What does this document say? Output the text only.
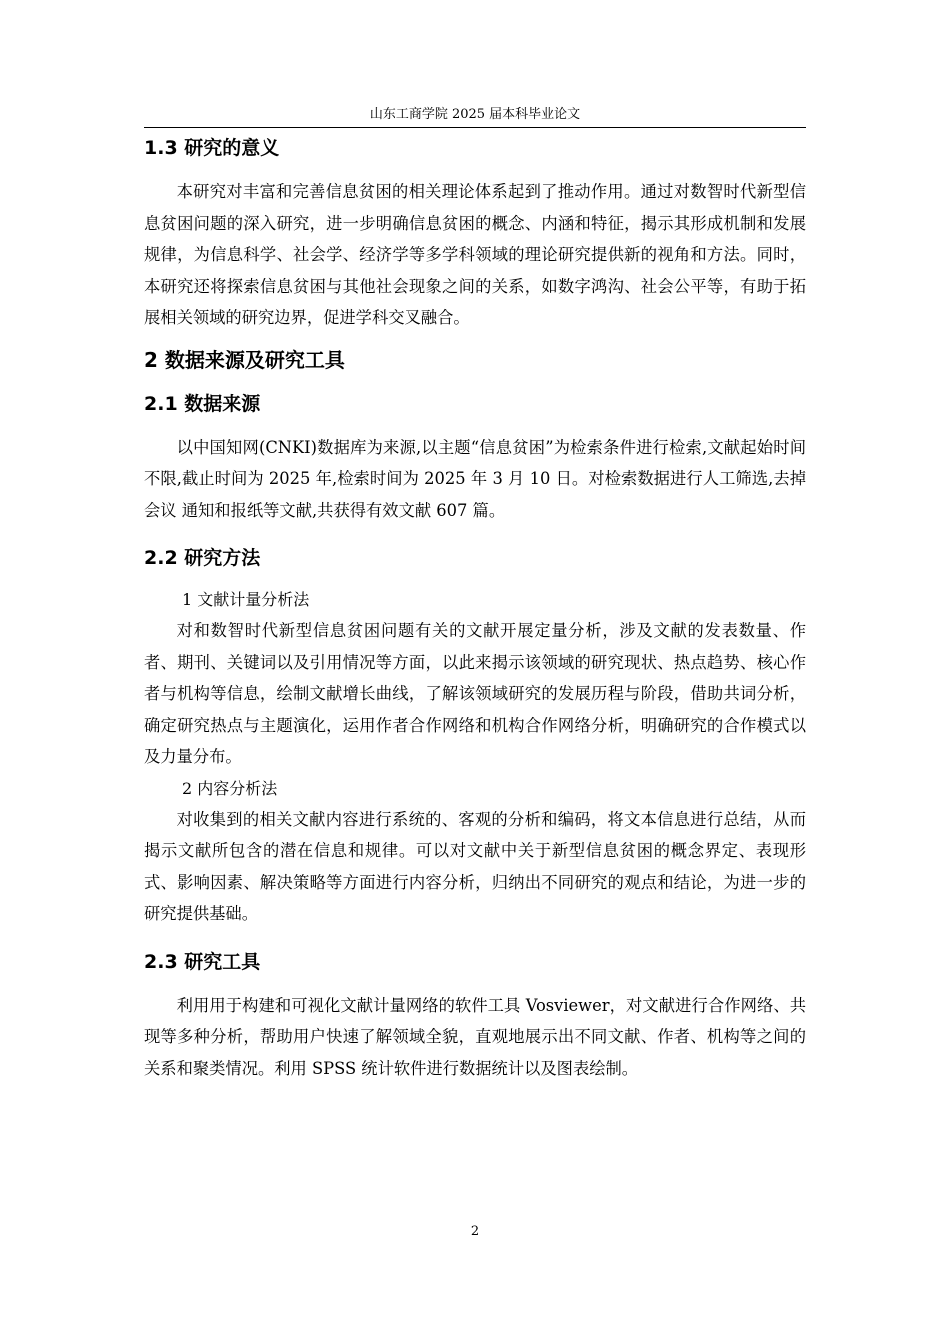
山东工商学院 2025 届本科毕业论文
1.3 研究的意义

本研究对丰富和完善信息贫困的相关理论体系起到了推动作用。通过对数智时代新型信息贫困问题的深入研究，进一步明确信息贫困的概念、内涵和特征，揭示其形成机制和发展规律，为信息科学、社会学、经济学等多学科领域的理论研究提供新的视角和方法。同时，本研究还将探索信息贫困与其他社会现象之间的关系，如数字鸿沟、社会公平等，有助于拓展相关领域的研究边界，促进学科交叉融合。

2 数据来源及研究工具
2.1 数据来源

以中国知网(CNKI)数据库为来源,以主题“信息贫困”为检索条件进行检索,文献起始时间不限,截止时间为 2025 年,检索时间为 2025 年 3 月 10 日。对检索数据进行人工筛选,去掉会议 通知和报纸等文献,共获得有效文献 607 篇。

2.2 研究方法
1 文献计量分析法

对和数智时代新型信息贫困问题有关的文献开展定量分析，涉及文献的发表数量、作者、期刊、关键词以及引用情况等方面，以此来揭示该领域的研究现状、热点趋势、核心作者与机构等信息，绘制文献增长曲线，了解该领域研究的发展历程与阶段，借助共词分析，确定研究热点与主题演化，运用作者合作网络和机构合作网络分析，明确研究的合作模式以及力量分布。

2 内容分析法

对收集到的相关文献内容进行系统的、客观的分析和编码，将文本信息进行总结，从而揭示文献所包含的潜在信息和规律。可以对文献中关于新型信息贫困的概念界定、表现形式、影响因素、解决策略等方面进行内容分析，归纳出不同研究的观点和结论，为进一步的研究提供基础。

2.3 研究工具

利用用于构建和可视化文献计量网络的软件工具 Vosviewer，对文献进行合作网络、共现等多种分析，帮助用户快速了解领域全貌，直观地展示出不同文献、作者、机构等之间的关系和聚类情况。利用 SPSS 统计软件进行数据统计以及图表绘制。

2
